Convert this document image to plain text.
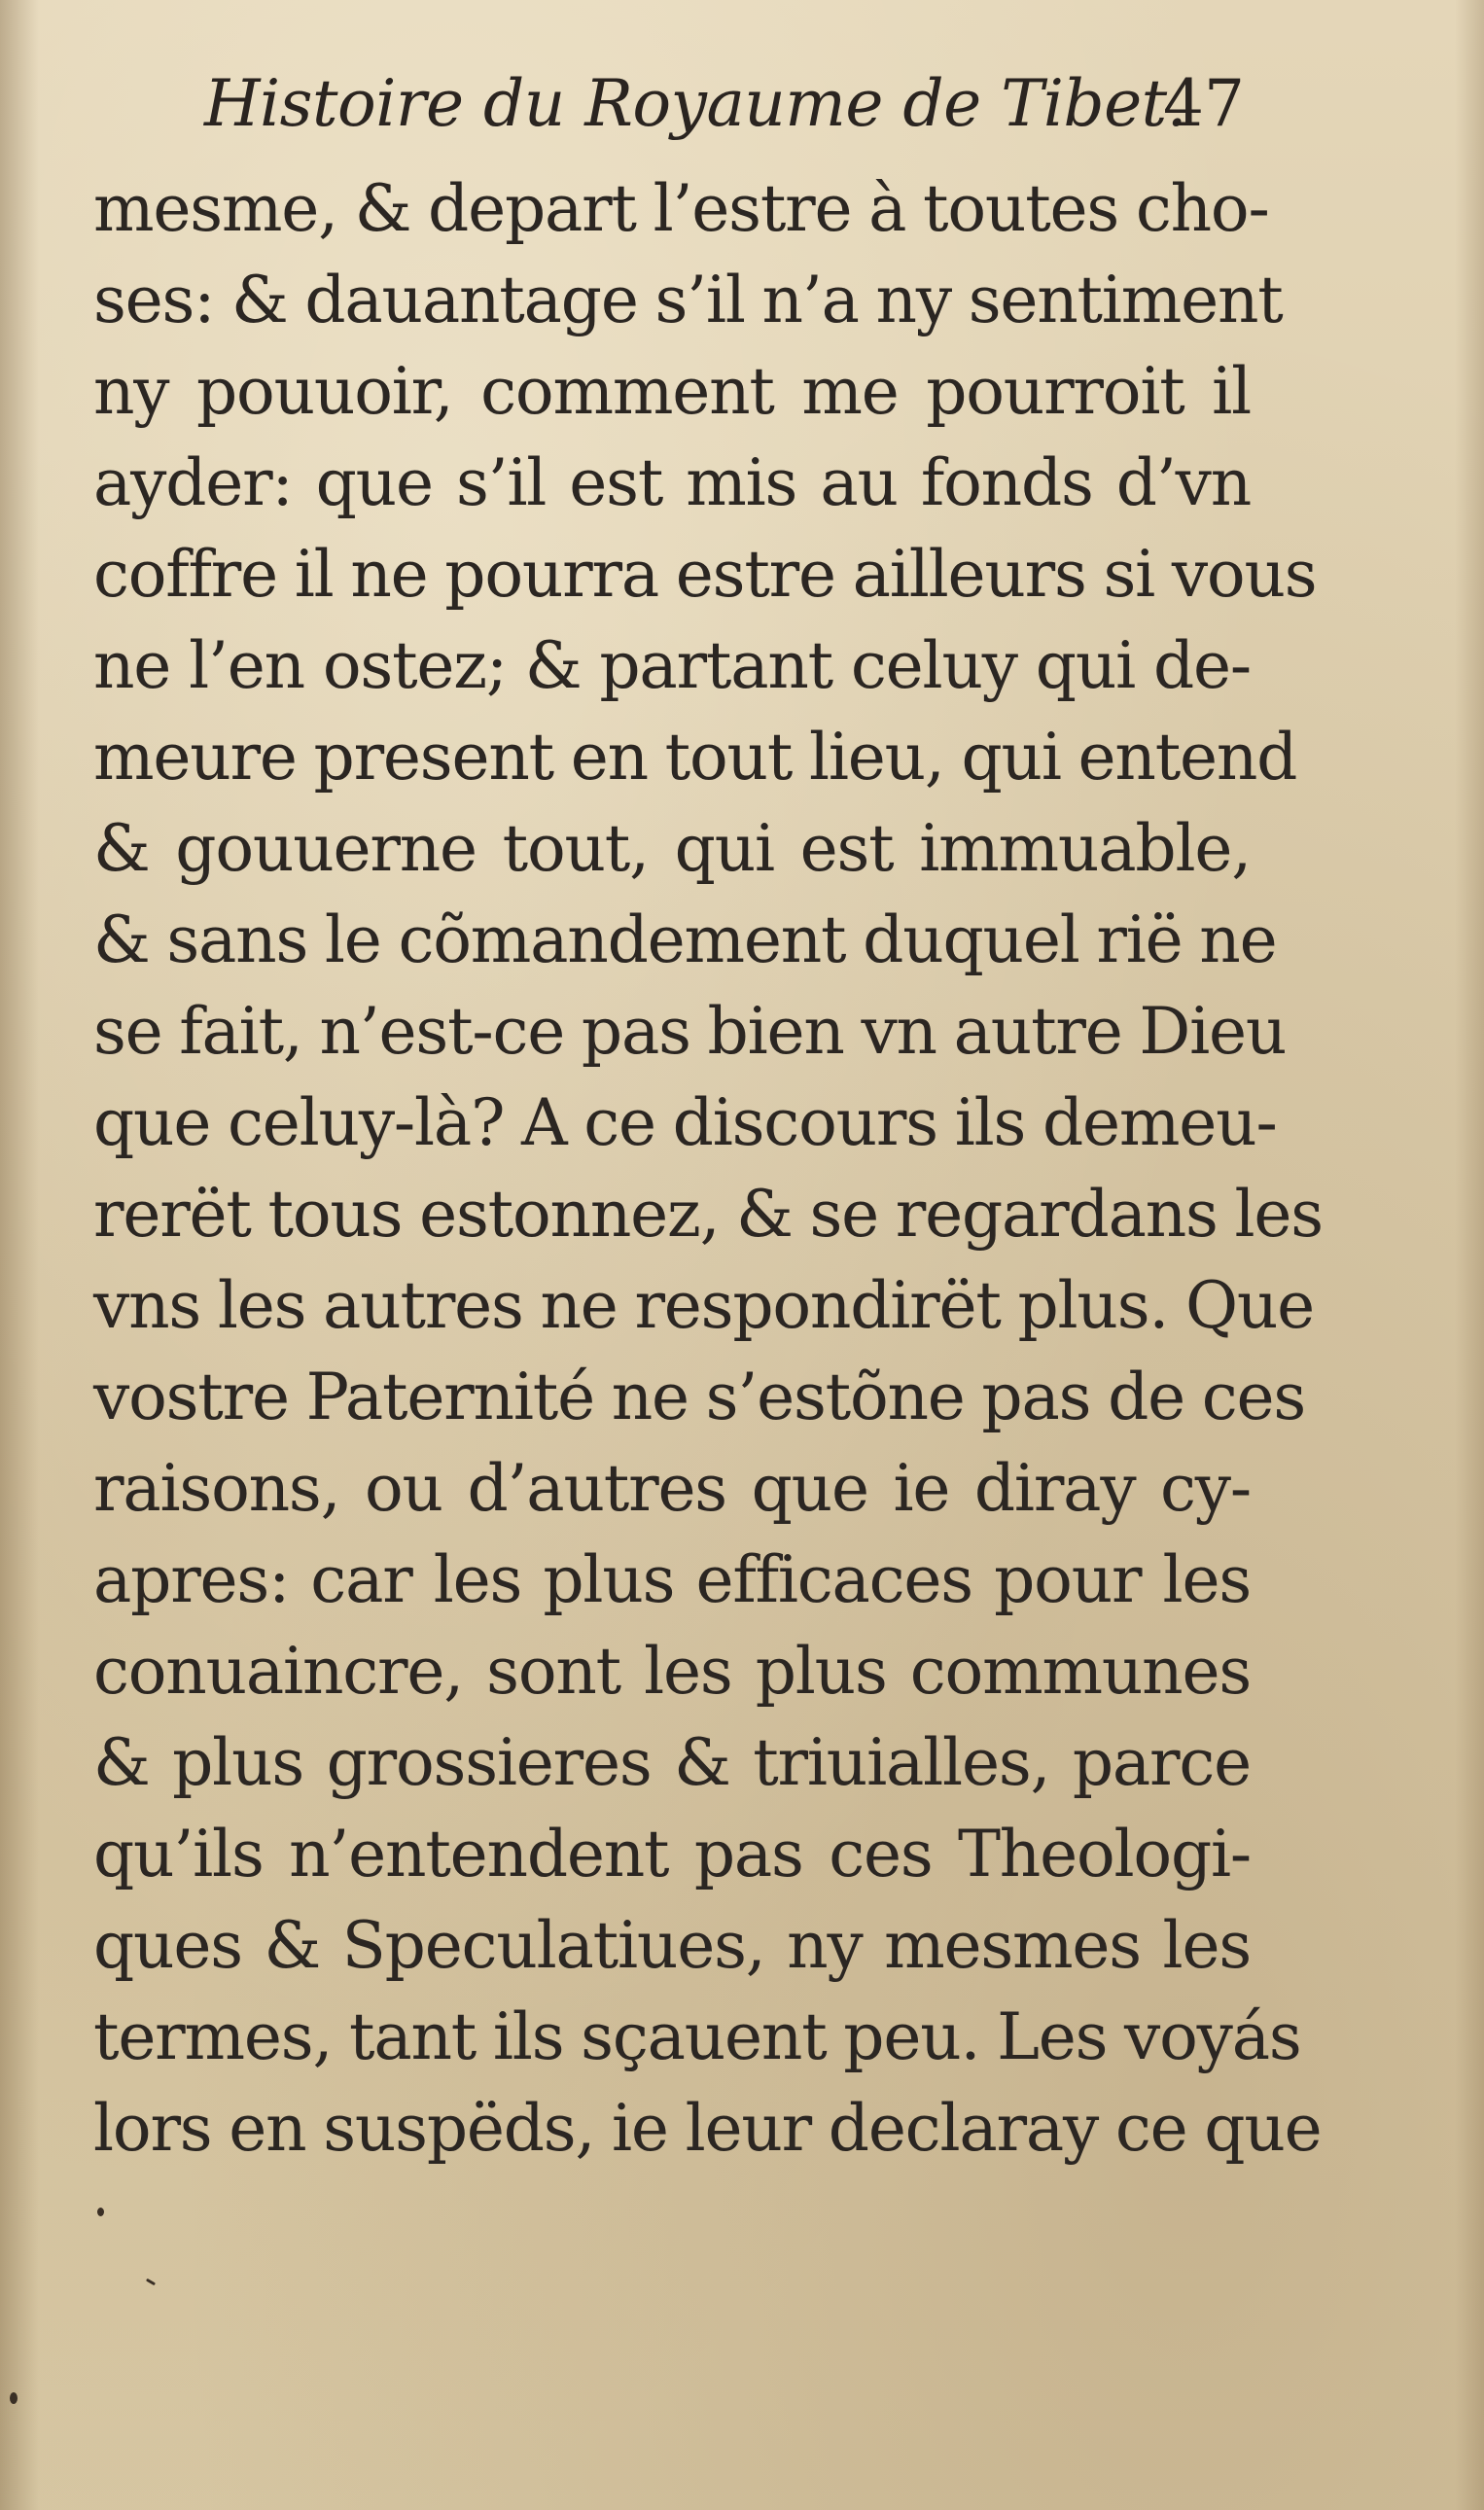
Histoire du Royaume de Tibet.
47
mesme, & depart l’estre à toutes cho-
ses: & dauantage s’il n’a ny sentiment
ny pouuoir, comment me pourroit il
ayder: que s’il est mis au fonds d’vn
coffre il ne pourra estre ailleurs si vous
ne l’en ostez; & partant celuy qui de-
meure present en tout lieu, qui entend
& gouuerne tout, qui est immuable,
& sans le cõmandement duquel rië ne
se fait, n’est-ce pas bien vn autre Dieu
que celuy-là? A ce discours ils demeu-
rerët tous estonnez, & se regardans les
vns les autres ne respondirët plus. Que
vostre Paternité ne s’estõne pas de ces
raisons, ou d’autres que ie diray cy-
apres: car les plus efficaces pour les
conuaincre, sont les plus communes
& plus grossieres & triuialles, parce
qu’ils n’entendent pas ces Theologi-
ques & Speculatiues, ny mesmes les
termes, tant ils sçauent peu. Les voyás
lors en suspëds, ie leur declaray ce que
